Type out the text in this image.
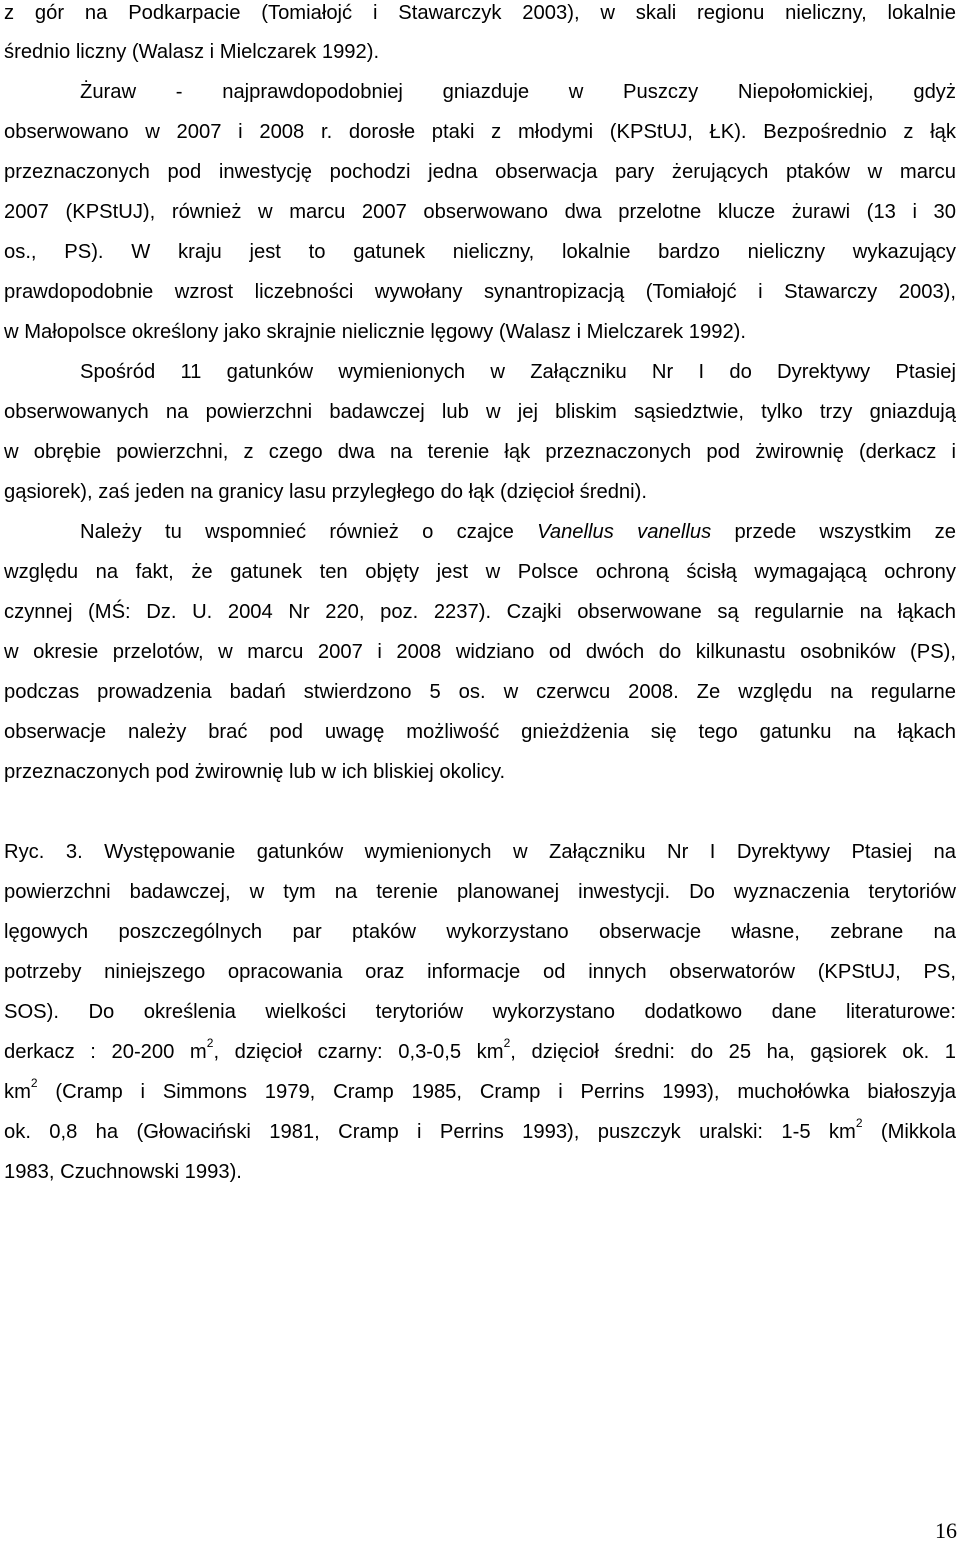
z gór na Podkarpacie (Tomiałojć i Stawarczyk 2003), w skali regionu nieliczny, lokalnie
średnio liczny (Walasz i Mielczarek 1992).
Żuraw - najprawdopodobniej gniazduje w Puszczy Niepołomickiej, gdyż
obserwowano w 2007 i 2008 r. dorosłe ptaki z młodymi (KPStUJ, ŁK). Bezpośrednio z łąk
przeznaczonych pod inwestycję pochodzi jedna obserwacja pary żerujących ptaków w marcu
2007 (KPStUJ), również w marcu 2007 obserwowano dwa przelotne klucze żurawi (13 i 30
os., PS). W kraju jest to gatunek nieliczny, lokalnie bardzo nieliczny wykazujący
prawdopodobnie wzrost liczebności wywołany synantropizacją (Tomiałojć i Stawarczy 2003),
w Małopolsce określony jako skrajnie nielicznie lęgowy (Walasz i Mielczarek 1992).
Spośród 11 gatunków wymienionych w Załączniku Nr I do Dyrektywy Ptasiej
obserwowanych na powierzchni badawczej lub w jej bliskim sąsiedztwie, tylko trzy gniazdują
w obrębie powierzchni, z czego dwa na terenie łąk przeznaczonych pod żwirownię (derkacz i
gąsiorek), zaś jeden na granicy lasu przyległego do łąk (dzięcioł średni).
Należy tu wspomnieć również o czajce Vanellus vanellus przede wszystkim ze
względu na fakt, że gatunek ten objęty jest w Polsce ochroną ścisłą wymagającą ochrony
czynnej (MŚ: Dz. U. 2004 Nr 220, poz. 2237). Czajki obserwowane są regularnie na łąkach
w okresie przelotów, w marcu 2007 i 2008 widziano od dwóch do kilkunastu osobników (PS),
podczas prowadzenia badań stwierdzono 5 os. w czerwcu 2008. Ze względu na regularne
obserwacje należy brać pod uwagę możliwość gnieżdżenia się tego gatunku na łąkach
przeznaczonych pod żwirownię lub w ich bliskiej okolicy.
Ryc. 3. Występowanie gatunków wymienionych w Załączniku Nr I Dyrektywy Ptasiej na
powierzchni badawczej, w tym na terenie planowanej inwestycji. Do wyznaczenia terytoriów
lęgowych poszczególnych par ptaków wykorzystano obserwacje własne, zebrane na
potrzeby niniejszego opracowania oraz informacje od innych obserwatorów (KPStUJ, PS,
SOS). Do określenia wielkości terytoriów wykorzystano dodatkowo dane literaturowe:
derkacz : 20-200 $m^2$, dzięcioł czarny: 0,3-0,5 $km^2$, dzięcioł średni: do 25 ha, gąsiorek ok. 1
$km^2$ (Cramp i Simmons 1979, Cramp 1985, Cramp i Perrins 1993), muchołówka białoszyja
ok. 0,8 ha (Głowaciński 1981, Cramp i Perrins 1993), puszczyk uralski: 1-5 $km^2$ (Mikkola
1983, Czuchnowski 1993).
16
